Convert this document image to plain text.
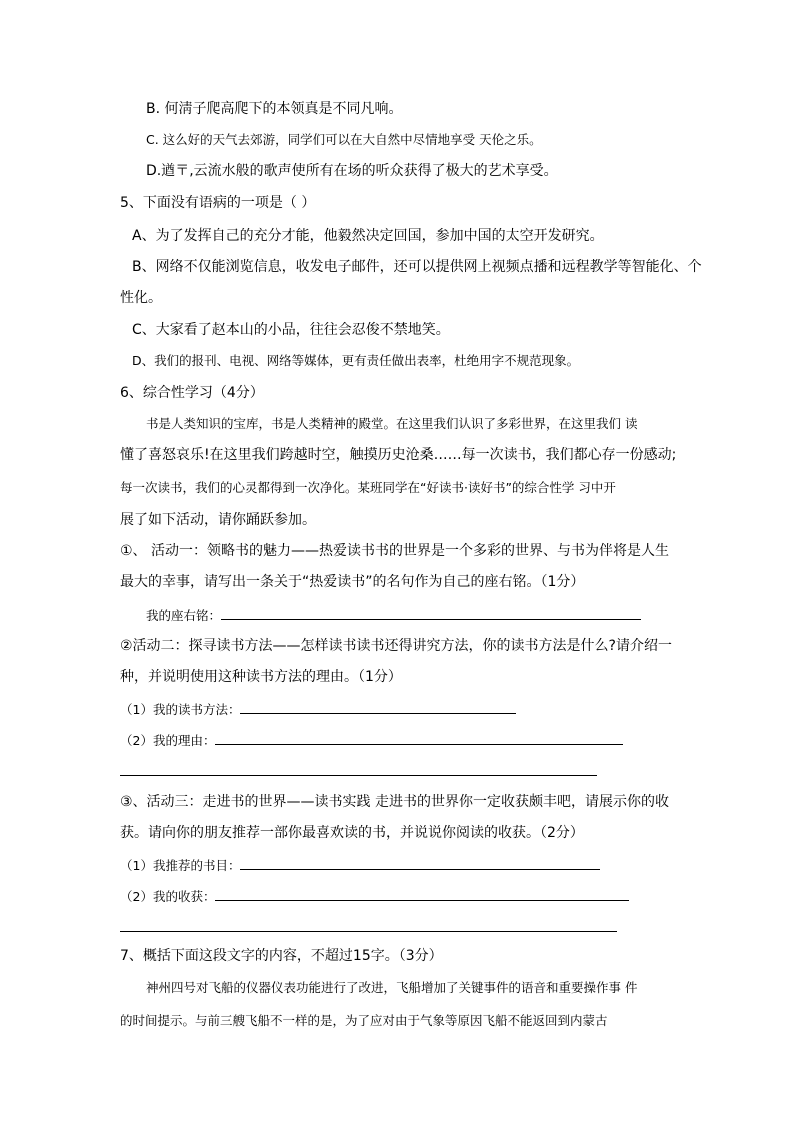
B. 何淸子爬高爬下的本领真是不同凡响。
C. 这么好的天气去郊游，同学们可以在大自然中尽情地享受 天伦之乐。
D.遒〒,云流水般的歌声使所有在场的听众获得了极大的艺术享受。
5、下面没有语病的一项是（ ）
A、为了发挥自己的充分才能，他毅然决定回国，参加中国的太空开发研究。
B、网络不仅能浏览信息，收发电子邮件，还可以提供网上视频点播和远程教学等智能化、个
性化。
C、大家看了赵本山的小品，往往会忍俊不禁地笑。
D、我们的报刊、电视、网络等媒体，更有责任做出表率，杜绝用字不规范现象。
6、综合性学习（4分）
书是人类知识的宝库，书是人类精神的殿堂。在这里我们认识了多彩世界，在这里我们 读
懂了喜怒哀乐!在这里我们跨越时空，触摸历史沧桑……每一次读书，我们都心存一份感动;
每一次读书，我们的心灵都得到一次净化。某班同学在“好读书·读好书”的综合性学 习中开
展了如下活动，请你踊跃参加。
①、 活动一：领略书的魅力——热爱读书书的世界是一个多彩的世界、与书为伴将是人生
最大的幸事，请写出一条关于“热爱读书”的名句作为自己的座右铭。（1分）
我的座右铭：
②活动二：探寻读书方法——怎样读书读书还得讲究方法，你的读书方法是什么?请介绍一
种，并说明使用这种读书方法的理由。（1分）
（1）我的读书方法：
（2）我的理由：
③、活动三：走进书的世界——读书实践 走进书的世界你一定收获颇丰吧，请展示你的收
获。请向你的朋友推荐一部你最喜欢读的书，并说说你阅读的收获。（2分）
（1）我推荐的书目：
（2）我的收获：
7、概括下面这段文字的内容，不超过15字。（3分）
神州四号对飞船的仪器仪表功能进行了改进，飞船增加了关键事件的语音和重要操作事 件
的时间提示。与前三艘飞船不一样的是，为了应对由于气象等原因飞船不能返回到内蒙古
